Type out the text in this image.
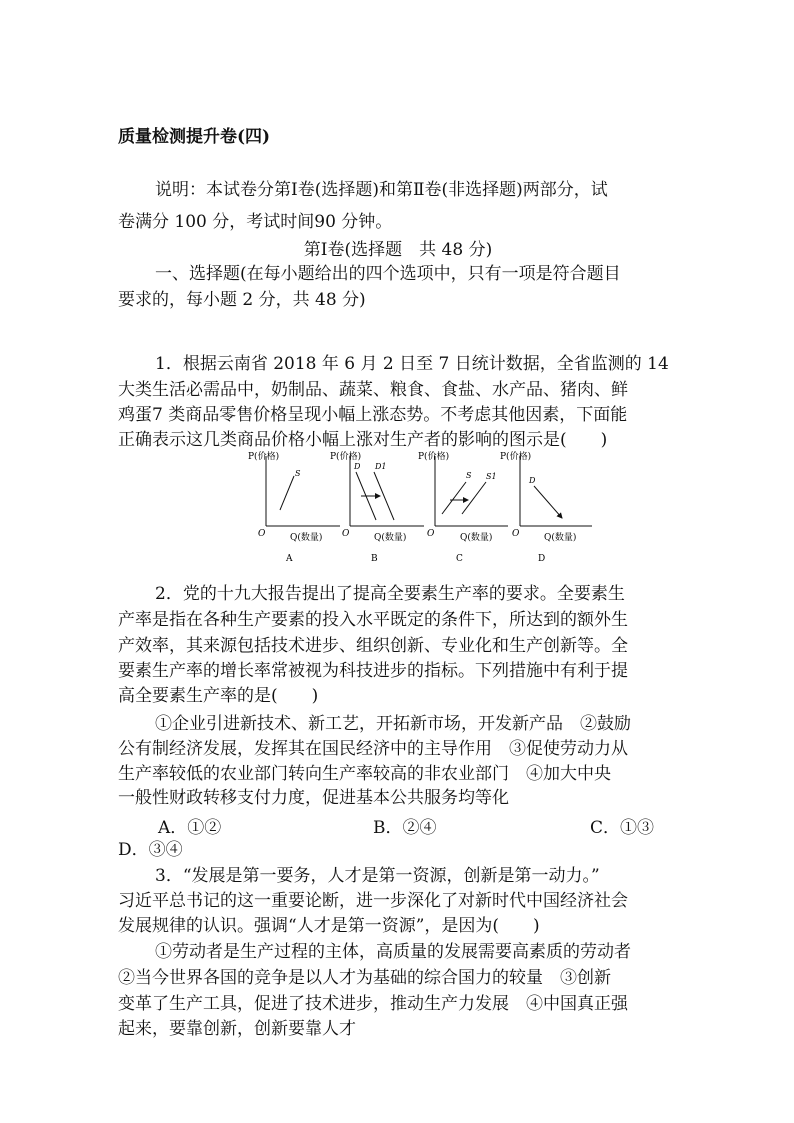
质量检测提升卷(四)
说明：本试卷分第Ⅰ卷(选择题)和第Ⅱ卷(非选择题)两部分，试
卷满分 100 分，考试时间90 分钟。
第Ⅰ卷(选择题　共 48 分)
一、选择题(在每小题给出的四个选项中，只有一项是符合题目
要求的，每小题 2 分，共 48 分)
1．根据云南省 2018 年 6 月 2 日至 7 日统计数据，全省监测的 14
大类生活必需品中，奶制品、蔬菜、粮食、食盐、水产品、猪肉、鲜
鸡蛋7 类商品零售价格呈现小幅上涨态势。不考虑其他因素，下面能
正确表示这几类商品价格小幅上涨对生产者的影响的图示是(　　)
P(价格)
O	Q(数量)
S
A
P(价格)
O	Q(数量)
D D1
B
P(价格)
O	Q(数量)
S S1
C
P(价格)
O	Q(数量)
D
D
2．党的十九大报告提出了提高全要素生产率的要求。全要素生
产率是指在各种生产要素的投入水平既定的条件下，所达到的额外生
产效率，其来源包括技术进步、组织创新、专业化和生产创新等。全
要素生产率的增长率常被视为科技进步的指标。下列措施中有利于提
高全要素生产率的是(　　)
①企业引进新技术、新工艺，开拓新市场，开发新产品　②鼓励
公有制经济发展，发挥其在国民经济中的主导作用　③促使劳动力从
生产率较低的农业部门转向生产率较高的非农业部门　④加大中央
一般性财政转移支付力度，促进基本公共服务均等化
A．①②	B．②④	C．①③
D．③④
3．“发展是第一要务，人才是第一资源，创新是第一动力。”
习近平总书记的这一重要论断，进一步深化了对新时代中国经济社会
发展规律的认识。强调“人才是第一资源”，是因为(　　)
①劳动者是生产过程的主体，高质量的发展需要高素质的劳动者
②当今世界各国的竞争是以人才为基础的综合国力的较量　③创新
变革了生产工具，促进了技术进步，推动生产力发展　④中国真正强
起来，要靠创新，创新要靠人才
